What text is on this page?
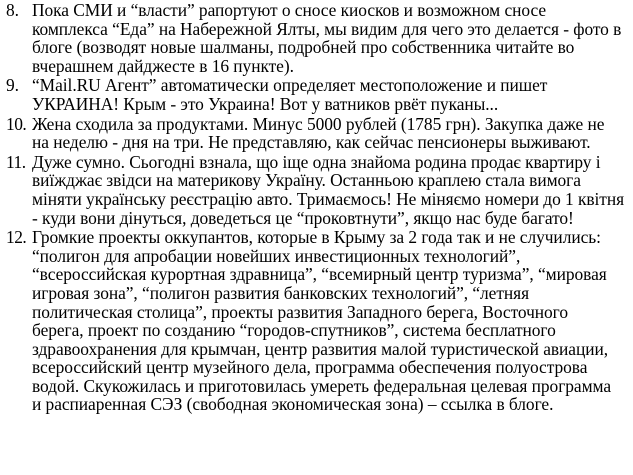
8. Пока СМИ и “власти” рапортуют о сносе киосков и возможном сносе
комплекса “Еда” на Набережной Ялты, мы видим для чего это делается - фото в
блоге (возводят новые шалманы, подробней про собственника читайте во
вчерашнем дайджесте в 16 пункте).
9. “Mail.RU Агент” автоматически определяет местоположение и пишет
УКРАИНА! Крым - это Украина! Вот у ватников рвёт пуканы...
10. Жена сходила за продуктами. Минус 5000 рублей (1785 грн). Закупка даже не
на неделю - дня на три. Не представляю, как сейчас пенсионеры выживают.
11. Дуже сумно. Сьогодні взнала, що іще одна знайома родина продає квартиру і
виїжджає звідси на материкову Україну. Останньою краплею стала вимога
міняти українську реєстрацію авто. Тримаємось! Не міняємо номери до 1 квітня
- куди вони дінуться, доведеться це “проковтнути”, якщо нас буде багато!
12. Громкие проекты оккупантов, которые в Крыму за 2 года так и не случились:
“полигон для апробации новейших инвестиционных технологий”,
“всероссийская курортная здравница”, “всемирный центр туризма”, “мировая
игровая зона”, “полигон развития банковских технологий”, “летняя
политическая столица”, проекты развития Западного берега, Восточного
берега, проект по созданию “городов-спутников”, система бесплатного
здравоохранения для крымчан, центр развития малой туристической авиации,
всероссийский центр музейного дела, программа обеспечения полуострова
водой. Скукожилась и приготовилась умереть федеральная целевая программа
и распиаренная СЭЗ (свободная экономическая зона) – ссылка в блоге.
